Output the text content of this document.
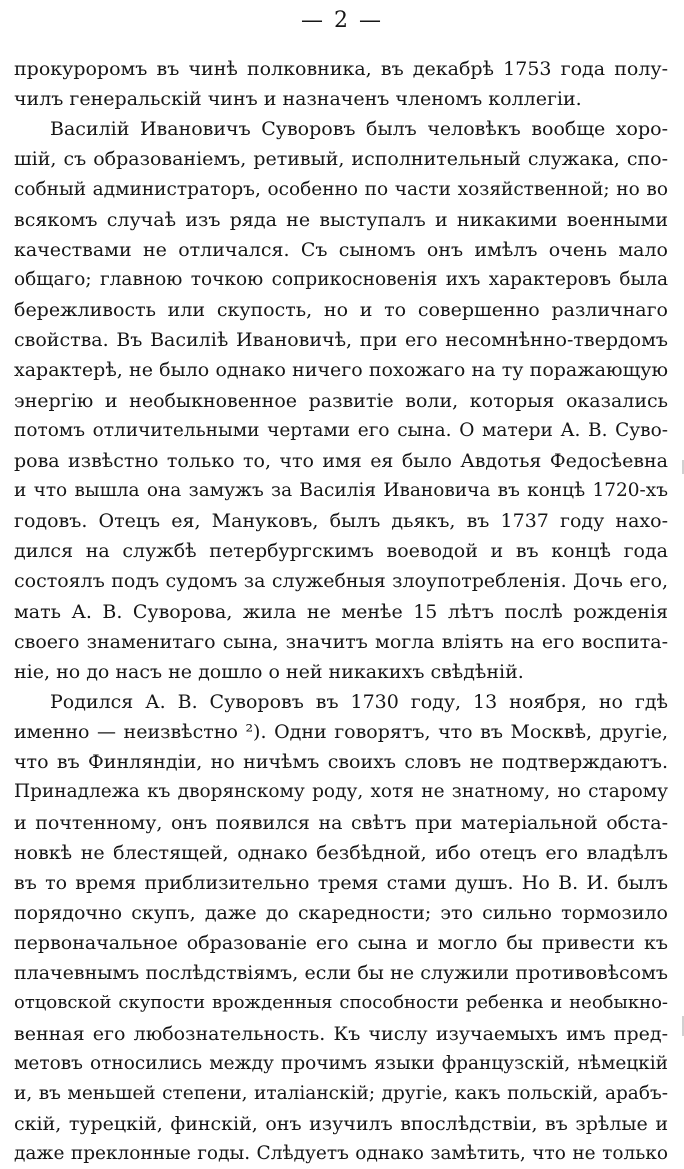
— 2 —
прокуроромъ въ чинѣ полковника, въ декабрѣ 1753 года полу-
чилъ генеральскій чинъ и назначенъ членомъ коллегіи.
Василій Ивановичъ Суворовъ былъ человѣкъ вообще хоро-
шій, съ образованіемъ, ретивый, исполнительный служака, спо-
собный администраторъ, особенно по части хозяйственной; но во
всякомъ случаѣ изъ ряда не выступалъ и никакими военными
качествами не отличался. Съ сыномъ онъ имѣлъ очень мало
общаго; главною точкою соприкосновенія ихъ характеровъ была
бережливость или скупость, но и то совершенно различнаго
свойства. Въ Василіѣ Ивановичѣ, при его несомнѣнно-твердомъ
характерѣ, не было однако ничего похожаго на ту поражающую
энергію и необыкновенное развитіе воли, которыя оказались
потомъ отличительными чертами его сына. О матери А. В. Суво-
рова извѣстно только то, что имя ея было Авдотья Федосѣевна
и что вышла она замужъ за Василія Ивановича въ концѣ 1720-хъ
годовъ. Отецъ ея, Мануковъ, былъ дьякъ, въ 1737 году нахо-
дился на службѣ петербургскимъ воеводой и въ концѣ года
состоялъ подъ судомъ за служебныя злоупотребленія. Дочь его,
мать А. В. Суворова, жила не менѣе 15 лѣтъ послѣ рожденія
своего знаменитаго сына, значитъ могла вліять на его воспита-
ніе, но до насъ не дошло о ней никакихъ свѣдѣній.
Родился А. В. Суворовъ въ 1730 году, 13 ноября, но гдѣ
именно — неизвѣстно ²). Одни говорятъ, что въ Москвѣ, другіе,
что въ Финляндіи, но ничѣмъ своихъ словъ не подтверждаютъ.
Принадлежа къ дворянскому роду, хотя не знатному, но старому
и почтенному, онъ появился на свѣтъ при матеріальной обста-
новкѣ не блестящей, однако безбѣдной, ибо отецъ его владѣлъ
въ то время приблизительно тремя стами душъ. Но В. И. былъ
порядочно скупъ, даже до скаредности; это сильно тормозило
первоначальное образованіе его сына и могло бы привести къ
плачевнымъ послѣдствіямъ, если бы не служили противовѣсомъ
отцовской скупости врожденныя способности ребенка и необыкно-
венная его любознательность. Къ числу изучаемыхъ имъ пред-
метовъ относились между прочимъ языки французскій, нѣмецкій
и, въ меньшей степени, италіанскій; другіе, какъ польскій, арабъ-
скій, турецкій, финскій, онъ изучилъ впослѣдствіи, въ зрѣлые и
даже преклонные годы. Слѣдуетъ однако замѣтить, что не только
